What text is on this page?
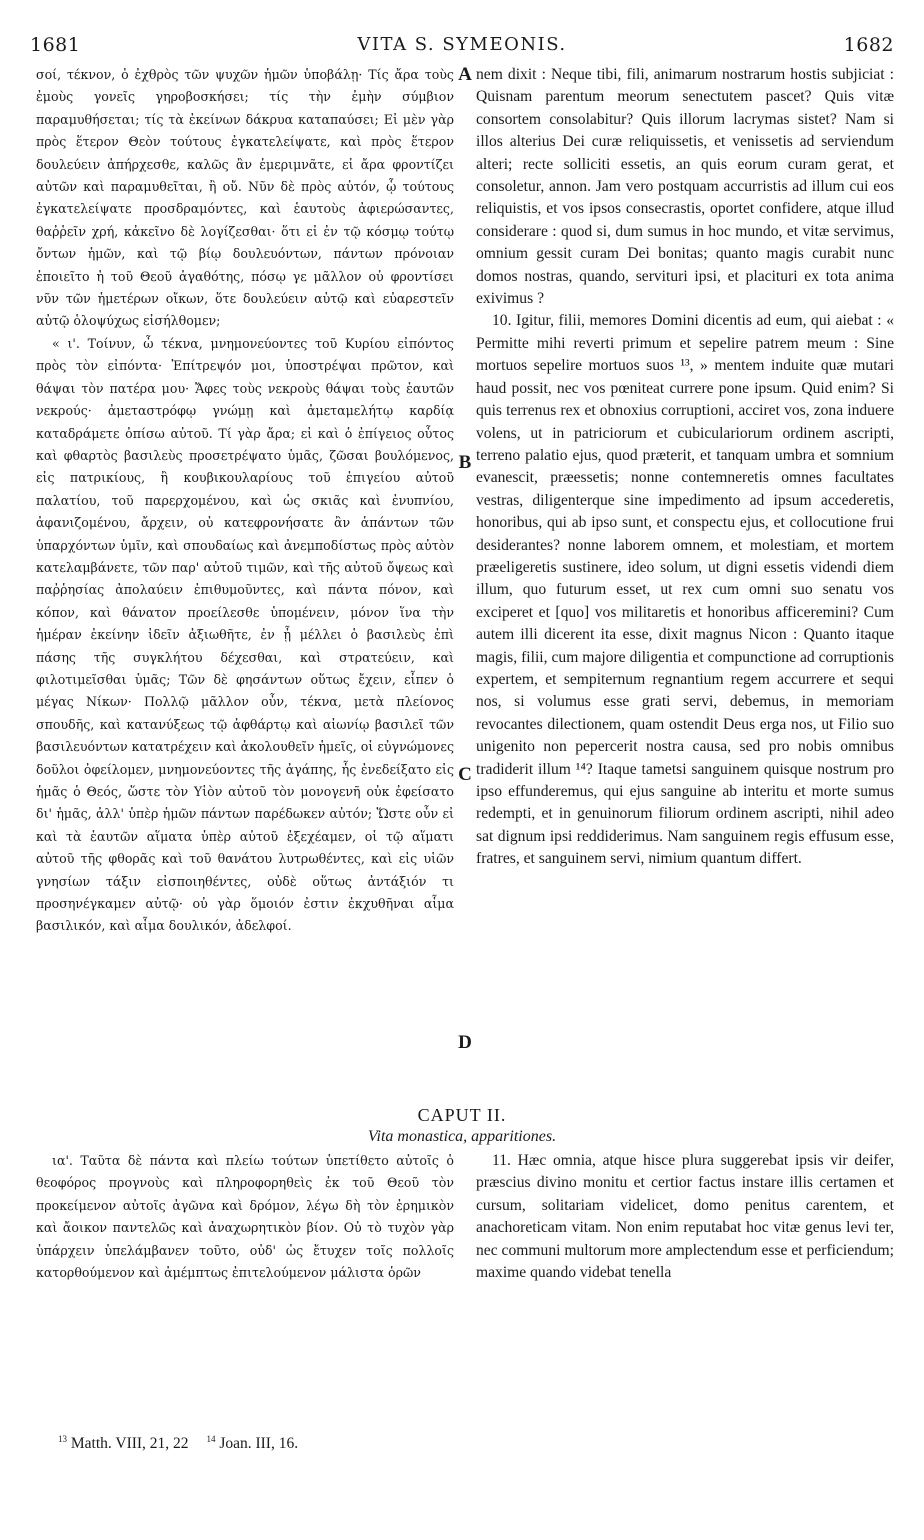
1681	VITA S. SYMEONIS.	1682

σοί, τέκνον, ὁ ἐχθρὸς τῶν ψυχῶν ἡμῶν ὑποβάλῃ· Τίς ἄρα τοὺς ἐμοὺς γονεῖς γηροβοσκήσει; τίς τὴν ἐμὴν σύμβιον παραμυθήσεται; τίς τὰ ἐκείνων δάκρυα καταπαύσει; Εἰ μὲν γὰρ πρὸς ἕτερον Θεὸν τούτους ἐγκατελείψατε, καὶ πρὸς ἕτερον δουλεύειν ἀπήρχεσθε, καλῶς ἂν ἐμεριμνᾶτε, εἰ ἄρα φροντίζει αὐτῶν καὶ παραμυθεῖται, ἢ οὔ. Νῦν δὲ πρὸς αὐτόν, ᾧ τούτους ἐγκατελείψατε προσδραμόντες, καὶ ἑαυτοὺς ἀφιερώσαντες, θαῤῥεῖν χρή, κἀκεῖνο δὲ λογίζεσθαι· ὅτι εἰ ἐν τῷ κόσμῳ τούτῳ ὄντων ἡμῶν, καὶ τῷ βίῳ δουλευόντων, πάντων πρόνοιαν ἐποιεῖτο ἡ τοῦ Θεοῦ ἀγαθότης, πόσῳ γε μᾶλλον οὐ φροντίσει νῦν τῶν ἡμετέρων οἴκων, ὅτε δουλεύειν αὐτῷ καὶ εὐαρεστεῖν αὐτῷ ὁλοψύχως εἰσήλθομεν;

« ι'. Τοίνυν, ὦ τέκνα, μνημονεύοντες τοῦ Κυρίου εἰπόντος πρὸς τὸν εἰπόντα· Ἐπίτρεψόν μοι, ὑποστρέψαι πρῶτον, καὶ θάψαι τὸν πατέρα μου· Ἄφες τοὺς νεκροὺς θάψαι τοὺς ἑαυτῶν νεκρούς· ἀμεταστρόφῳ γνώμῃ καὶ ἀμεταμελήτῳ καρδίᾳ καταδράμετε ὀπίσω αὐτοῦ. Τί γὰρ ἄρα; εἰ καὶ ὁ ἐπίγειος οὗτος καὶ φθαρτὸς βασιλεὺς προσετρέψατο ὑμᾶς, ζῶσαι βουλόμενος, εἰς πατρικίους, ἢ κουβικουλαρίους τοῦ ἐπιγείου αὐτοῦ παλατίου, τοῦ παρερχομένου, καὶ ὡς σκιᾶς καὶ ἐνυπνίου, ἀφανιζομένου, ἄρχειν, οὐ κατεφρονήσατε ἂν ἁπάντων τῶν ὑπαρχόντων ὑμῖν, καὶ σπουδαίως καὶ ἀνεμποδίστως πρὸς αὐτὸν κατελαμβάνετε, τῶν παρ' αὐτοῦ τιμῶν, καὶ τῆς αὐτοῦ ὄψεως καὶ παῤῥησίας ἀπολαύειν ἐπιθυμοῦντες, καὶ πάντα πόνον, καὶ κόπον, καὶ θάνατον προείλεσθε ὑπομένειν, μόνον ἵνα τὴν ἡμέραν ἐκείνην ἰδεῖν ἀξιωθῆτε, ἐν ᾗ μέλλει ὁ βασιλεὺς ἐπὶ πάσης τῆς συγκλήτου δέχεσθαι, καὶ στρατεύειν, καὶ φιλοτιμεῖσθαι ὑμᾶς; Τῶν δὲ φησάντων οὕτως ἔχειν, εἶπεν ὁ μέγας Νίκων· Πολλῷ μᾶλλον οὖν, τέκνα, μετὰ πλείονος σπουδῆς, καὶ κατανύξεως τῷ ἀφθάρτῳ καὶ αἰωνίῳ βασιλεῖ τῶν βασιλευόντων κατατρέχειν καὶ ἀκολουθεῖν ἡμεῖς, οἱ εὐγνώμονες δοῦλοι ὀφείλομεν, μνημονεύοντες τῆς ἀγάπης, ἧς ἐνεδείξατο εἰς ἡμᾶς ὁ Θεός, ὥστε τὸν Υἱὸν αὐτοῦ τὸν μονογενῆ οὐκ ἐφείσατο δι' ἡμᾶς, ἀλλ' ὑπὲρ ἡμῶν πάντων παρέδωκεν αὐτόν; Ὥστε οὖν εἰ καὶ τὰ ἑαυτῶν αἵματα ὑπὲρ αὐτοῦ ἐξεχέαμεν, οἱ τῷ αἵματι αὐτοῦ τῆς φθορᾶς καὶ τοῦ θανάτου λυτρωθέντες, καὶ εἰς υἱῶν γνησίων τάξιν εἰσποιηθέντες, οὐδὲ οὕτως ἀντάξιόν τι προσηνέγκαμεν αὐτῷ· οὐ γὰρ ὅμοιόν ἐστιν ἐκχυθῆναι αἷμα βασιλικόν, καὶ αἷμα δουλικόν, ἀδελφοί.

nem dixit : Neque tibi, fili, animarum nostrarum hostis subjiciat : Quisnam parentum meorum senectutem pascet? Quis vitæ consortem consolabitur? Quis illorum lacrymas sistet? Nam si illos alterius Dei curæ reliquissetis, et venissetis ad serviendum alteri; recte solliciti essetis, an quis eorum curam gerat, et consoletur, annon. Jam vero postquam accurristis ad illum cui eos reliquistis, et vos ipsos consecrastis, oportet confidere, atque illud considerare : quod si, dum sumus in hoc mundo, et vitæ servimus, omnium gessit curam Dei bonitas; quanto magis curabit nunc domos nostras, quando, servituri ipsi, et placituri ex tota anima exivimus ?

10. Igitur, filii, memores Domini dicentis ad eum, qui aiebat : « Permitte mihi reverti primum et sepelire patrem meum : Sine mortuos sepelire mortuos suos ¹³, » mentem induite quæ mutari haud possit, nec vos pœniteat currere pone ipsum. Quid enim? Si quis terrenus rex et obnoxius corruptioni, acciret vos, zona induere volens, ut in patriciorum et cubiculariorum ordinem ascripti, terreno palatio ejus, quod præterit, et tanquam umbra et somnium evanescit, præessetis; nonne contemneretis omnes facultates vestras, diligenterque sine impedimento ad ipsum accederetis, honoribus, qui ab ipso sunt, et conspectu ejus, et collocutione frui desiderantes? nonne laborem omnem, et molestiam, et mortem præeligeretis sustinere, ideo solum, ut digni essetis videndi diem illum, quo futurum esset, ut rex cum omni suo senatu vos exciperet et [quo] vos militaretis et honoribus afficeremini? Cum autem illi dicerent ita esse, dixit magnus Nicon : Quanto itaque magis, filii, cum majore diligentia et compunctione ad corruptionis expertem, et sempiternum regnantium regem accurrere et sequi nos, si volumus esse grati servi, debemus, in memoriam revocantes dilectionem, quam ostendit Deus erga nos, ut Filio suo unigenito non pepercerit nostra causa, sed pro nobis omnibus tradiderit illum ¹⁴? Itaque tametsi sanguinem quisque nostrum pro ipso effunderemus, qui ejus sanguine ab interitu et morte sumus redempti, et in genuinorum filiorum ordinem ascripti, nihil adeo sat dignum ipsi reddiderimus. Nam sanguinem regis effusum esse, fratres, et sanguinem servi, nimium quantum differt.

A
B
C
D
CAPUT II.
Vita monastica, apparitiones.

ια'. Ταῦτα δὲ πάντα καὶ πλείω τούτων ὑπετίθετο αὐτοῖς ὁ θεοφόρος προγνοὺς καὶ πληροφορηθεὶς ἐκ τοῦ Θεοῦ τὸν προκείμενον αὐτοῖς ἀγῶνα καὶ δρόμον, λέγω δὴ τὸν ἐρημικὸν καὶ ἄοικον παντελῶς καὶ ἀναχωρητικὸν βίον. Οὐ τὸ τυχὸν γὰρ ὑπάρχειν ὑπελάμβανεν τοῦτο, οὐδ' ὡς ἔτυχεν τοῖς πολλοῖς κατορθούμενον καὶ ἀμέμπτως ἐπιτελούμενον μάλιστα ὁρῶν

11. Hæc omnia, atque hisce plura suggerebat ipsis vir deifer, præscius divino monitu et certior factus instare illis certamen et cursum, solitariam videlicet, domo penitus carentem, et anachoreticam vitam. Non enim reputabat hoc vitæ genus levi ter, nec communi multorum more amplectendum esse et perficiendum; maxime quando videbat tenella

$^{13}$ Matth. VIII, 21, 22 $^{14}$ Joan. III, 16.
